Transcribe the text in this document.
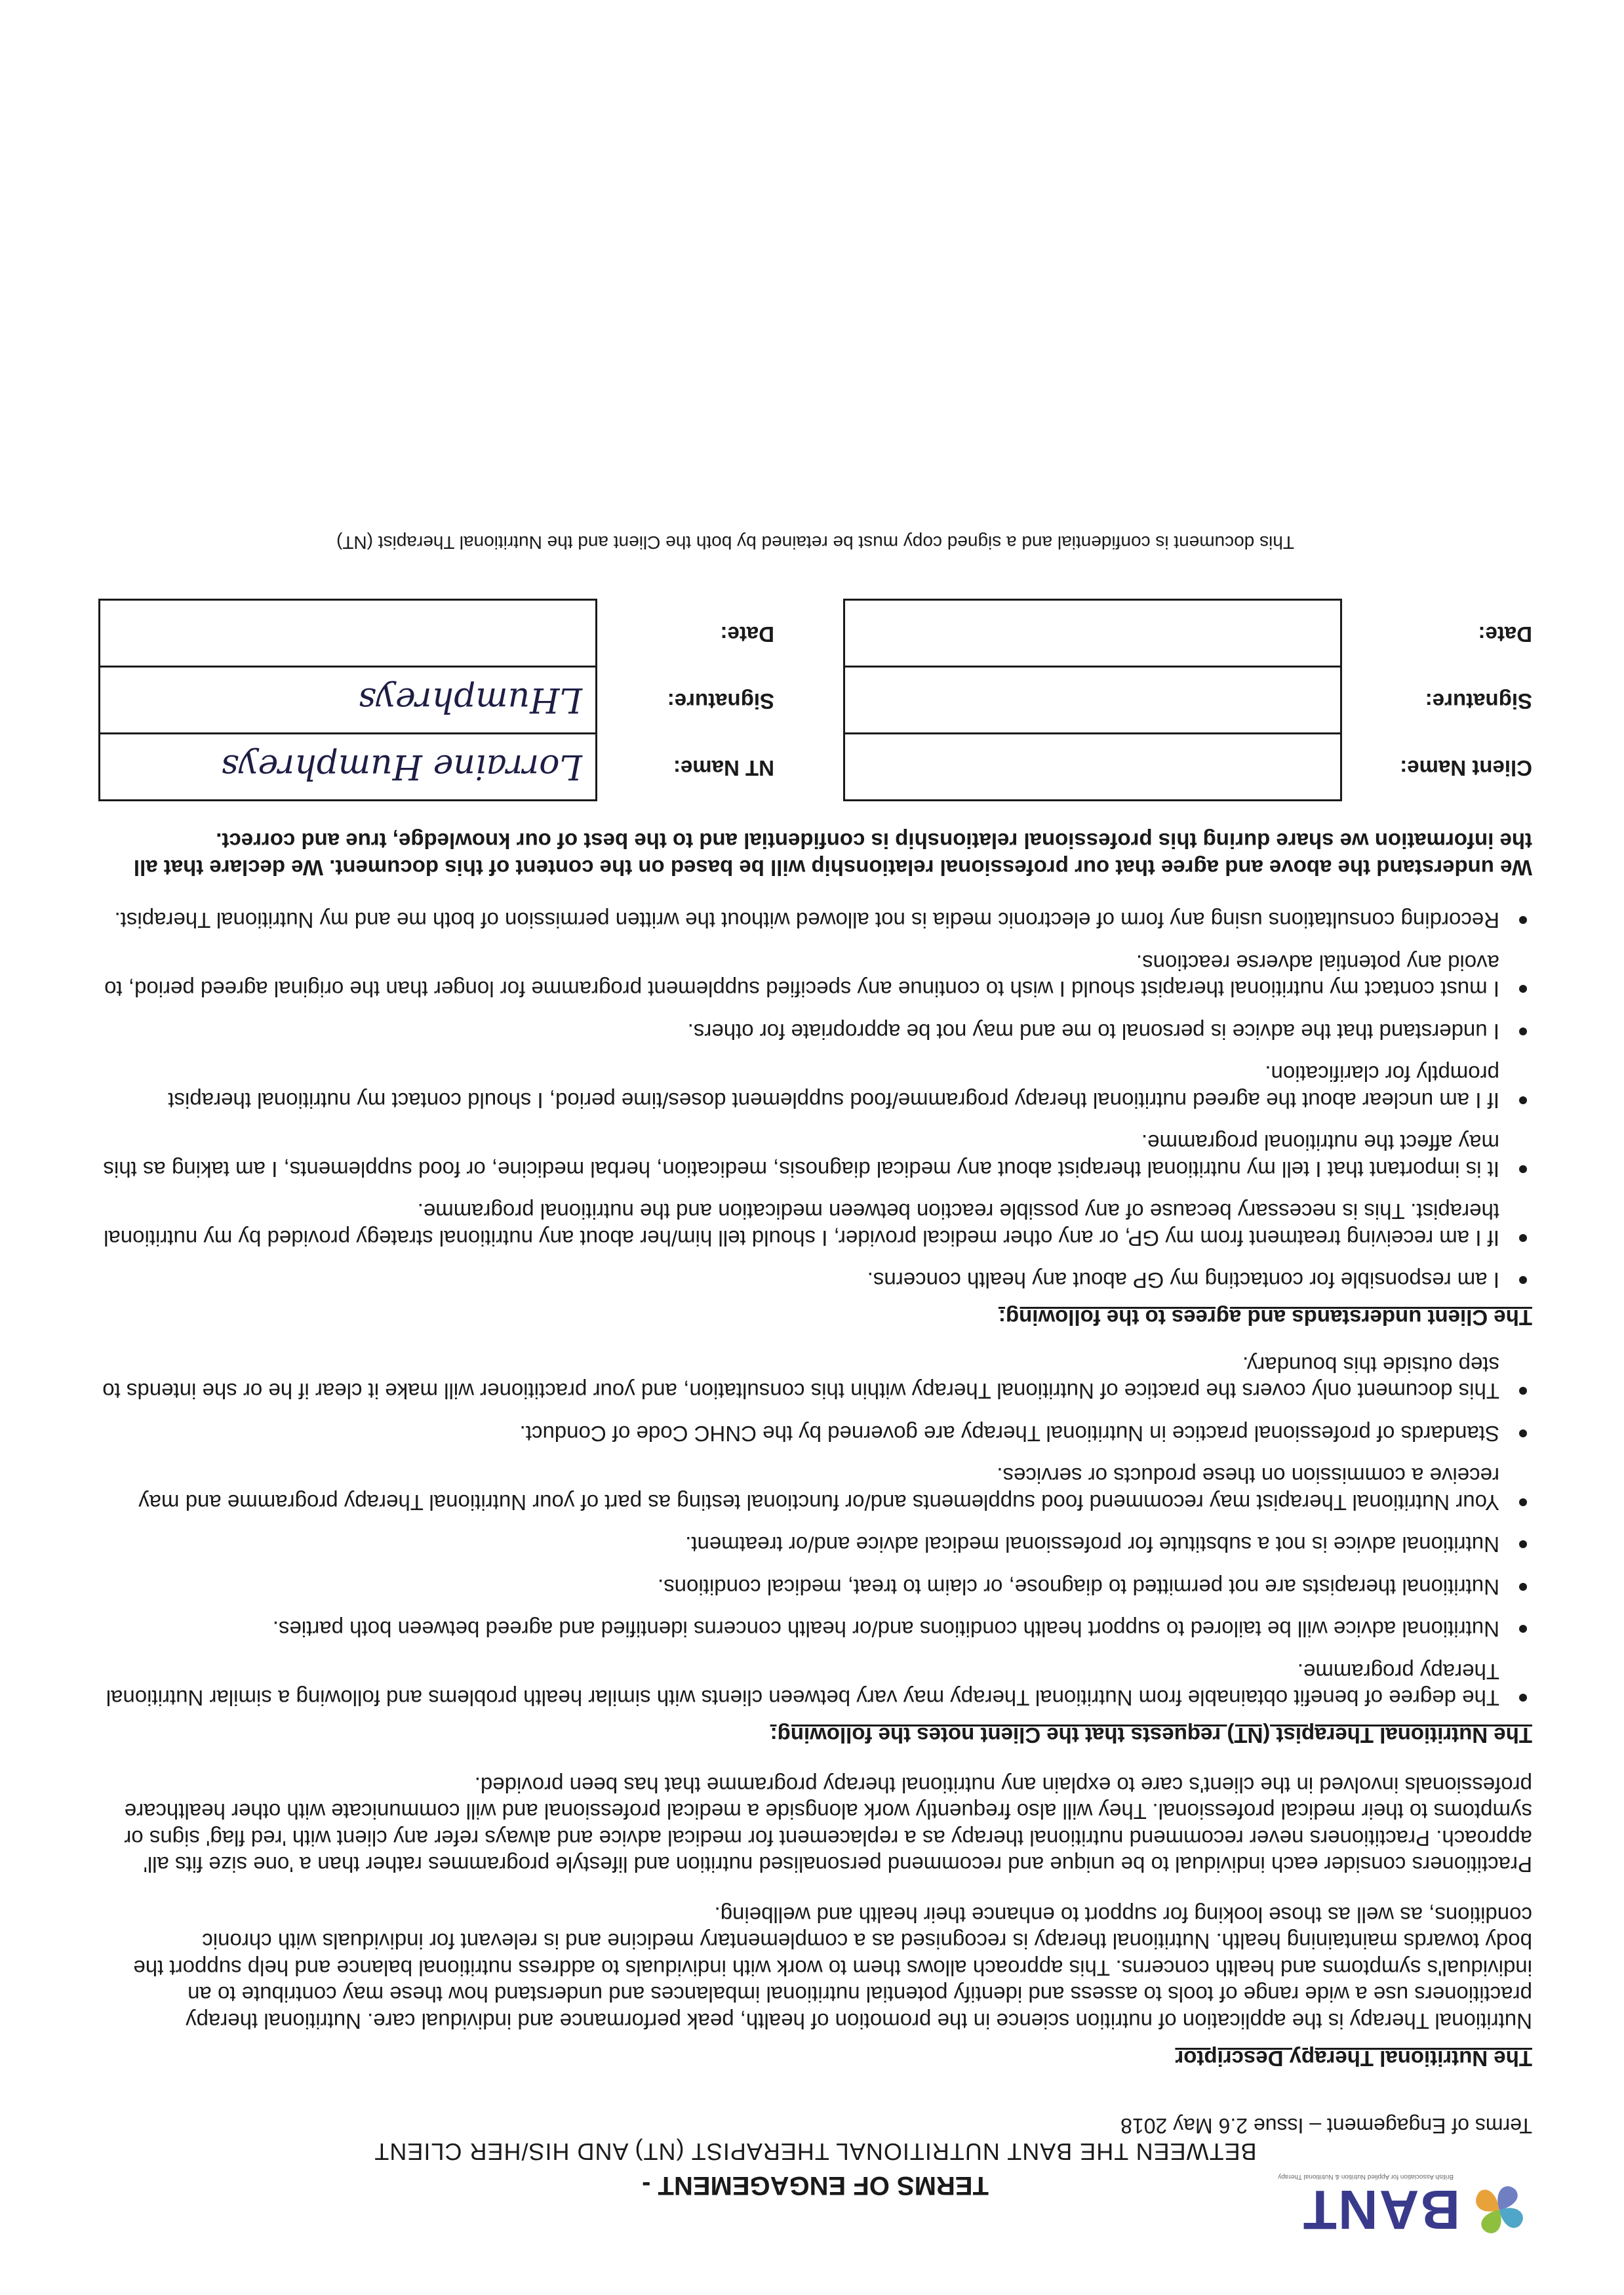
BANT
British Association for Applied Nutrition & Nutritional Therapy
Terms of Engagement – Issue 2.6 May 2018
TERMS OF ENGAGEMENT -
BETWEEN THE BANT NUTRITIONAL THERAPIST (NT) AND HIS/HER CLIENT
The Nutritional Therapy Descriptor

Nutritional Therapy is the application of nutrition science in the promotion of health, peak performance and individual care. Nutritional therapy practitioners use a wide range of tools to assess and identify potential nutritional imbalances and understand how these may contribute to an individual's symptoms and health concerns. This approach allows them to work with individuals to address nutritional balance and help support the body towards maintaining health. Nutritional therapy is recognised as a complementary medicine and is relevant for individuals with chronic conditions, as well as those looking for support to enhance their health and wellbeing.

Practitioners consider each individual to be unique and recommend personalised nutrition and lifestyle programmes rather than a 'one size fits all' approach. Practitioners never recommend nutritional therapy as a replacement for medical advice and always refer any client with 'red flag' signs or symptoms to their medical professional. They will also frequently work alongside a medical professional and will communicate with other healthcare professionals involved in the client's care to explain any nutritional therapy programme that has been provided.

The Nutritional Therapist (NT) requests that the Client notes the following:
The degree of benefit obtainable from Nutritional Therapy may vary between clients with similar health problems and following a similar Nutritional Therapy programme.
Nutritional advice will be tailored to support health conditions and/or health concerns identified and agreed between both parties.
Nutritional therapists are not permitted to diagnose, or claim to treat, medical conditions.
Nutritional advice is not a substitute for professional medical advice and/or treatment.
Your Nutritional Therapist may recommend food supplements and/or functional testing as part of your Nutritional Therapy programme and may receive a commission on these products or services.
Standards of professional practice in Nutritional Therapy are governed by the CNHC Code of Conduct.
This document only covers the practice of Nutritional Therapy within this consultation, and your practitioner will make it clear if he or she intends to step outside this boundary.
The Client understands and agrees to the following:
I am responsible for contacting my GP about any health concerns.
If I am receiving treatment from my GP, or any other medical provider, I should tell him/her about any nutritional strategy provided by my nutritional therapist. This is necessary because of any possible reaction between medication and the nutritional programme.
It is important that I tell my nutritional therapist about any medical diagnosis, medication, herbal medicine, or food supplements, I am taking as this may affect the nutritional programme.
If I am unclear about the agreed nutritional therapy programme/food supplement doses/time period, I should contact my nutritional therapist promptly for clarification.
I understand that the advice is personal to me and may not be appropriate for others.
I must contact my nutritional therapist should I wish to continue any specified supplement programme for longer than the original agreed period, to avoid any potential adverse reactions.
Recording consultations using any form of electronic media is not allowed without the written permission of both me and my Nutritional Therapist.
We understand the above and agree that our professional relationship will be based on the content of this document. We declare that all the information we share during this professional relationship is confidential and to the best of our knowledge, true and correct.
Client Name:
Signature:
Date:
NT Name:
Signature:
Date:
Lorraine Humphreys
LHumphreys
This document is confidential and a signed copy must be retained by both the Client and the Nutritional Therapist (NT)
